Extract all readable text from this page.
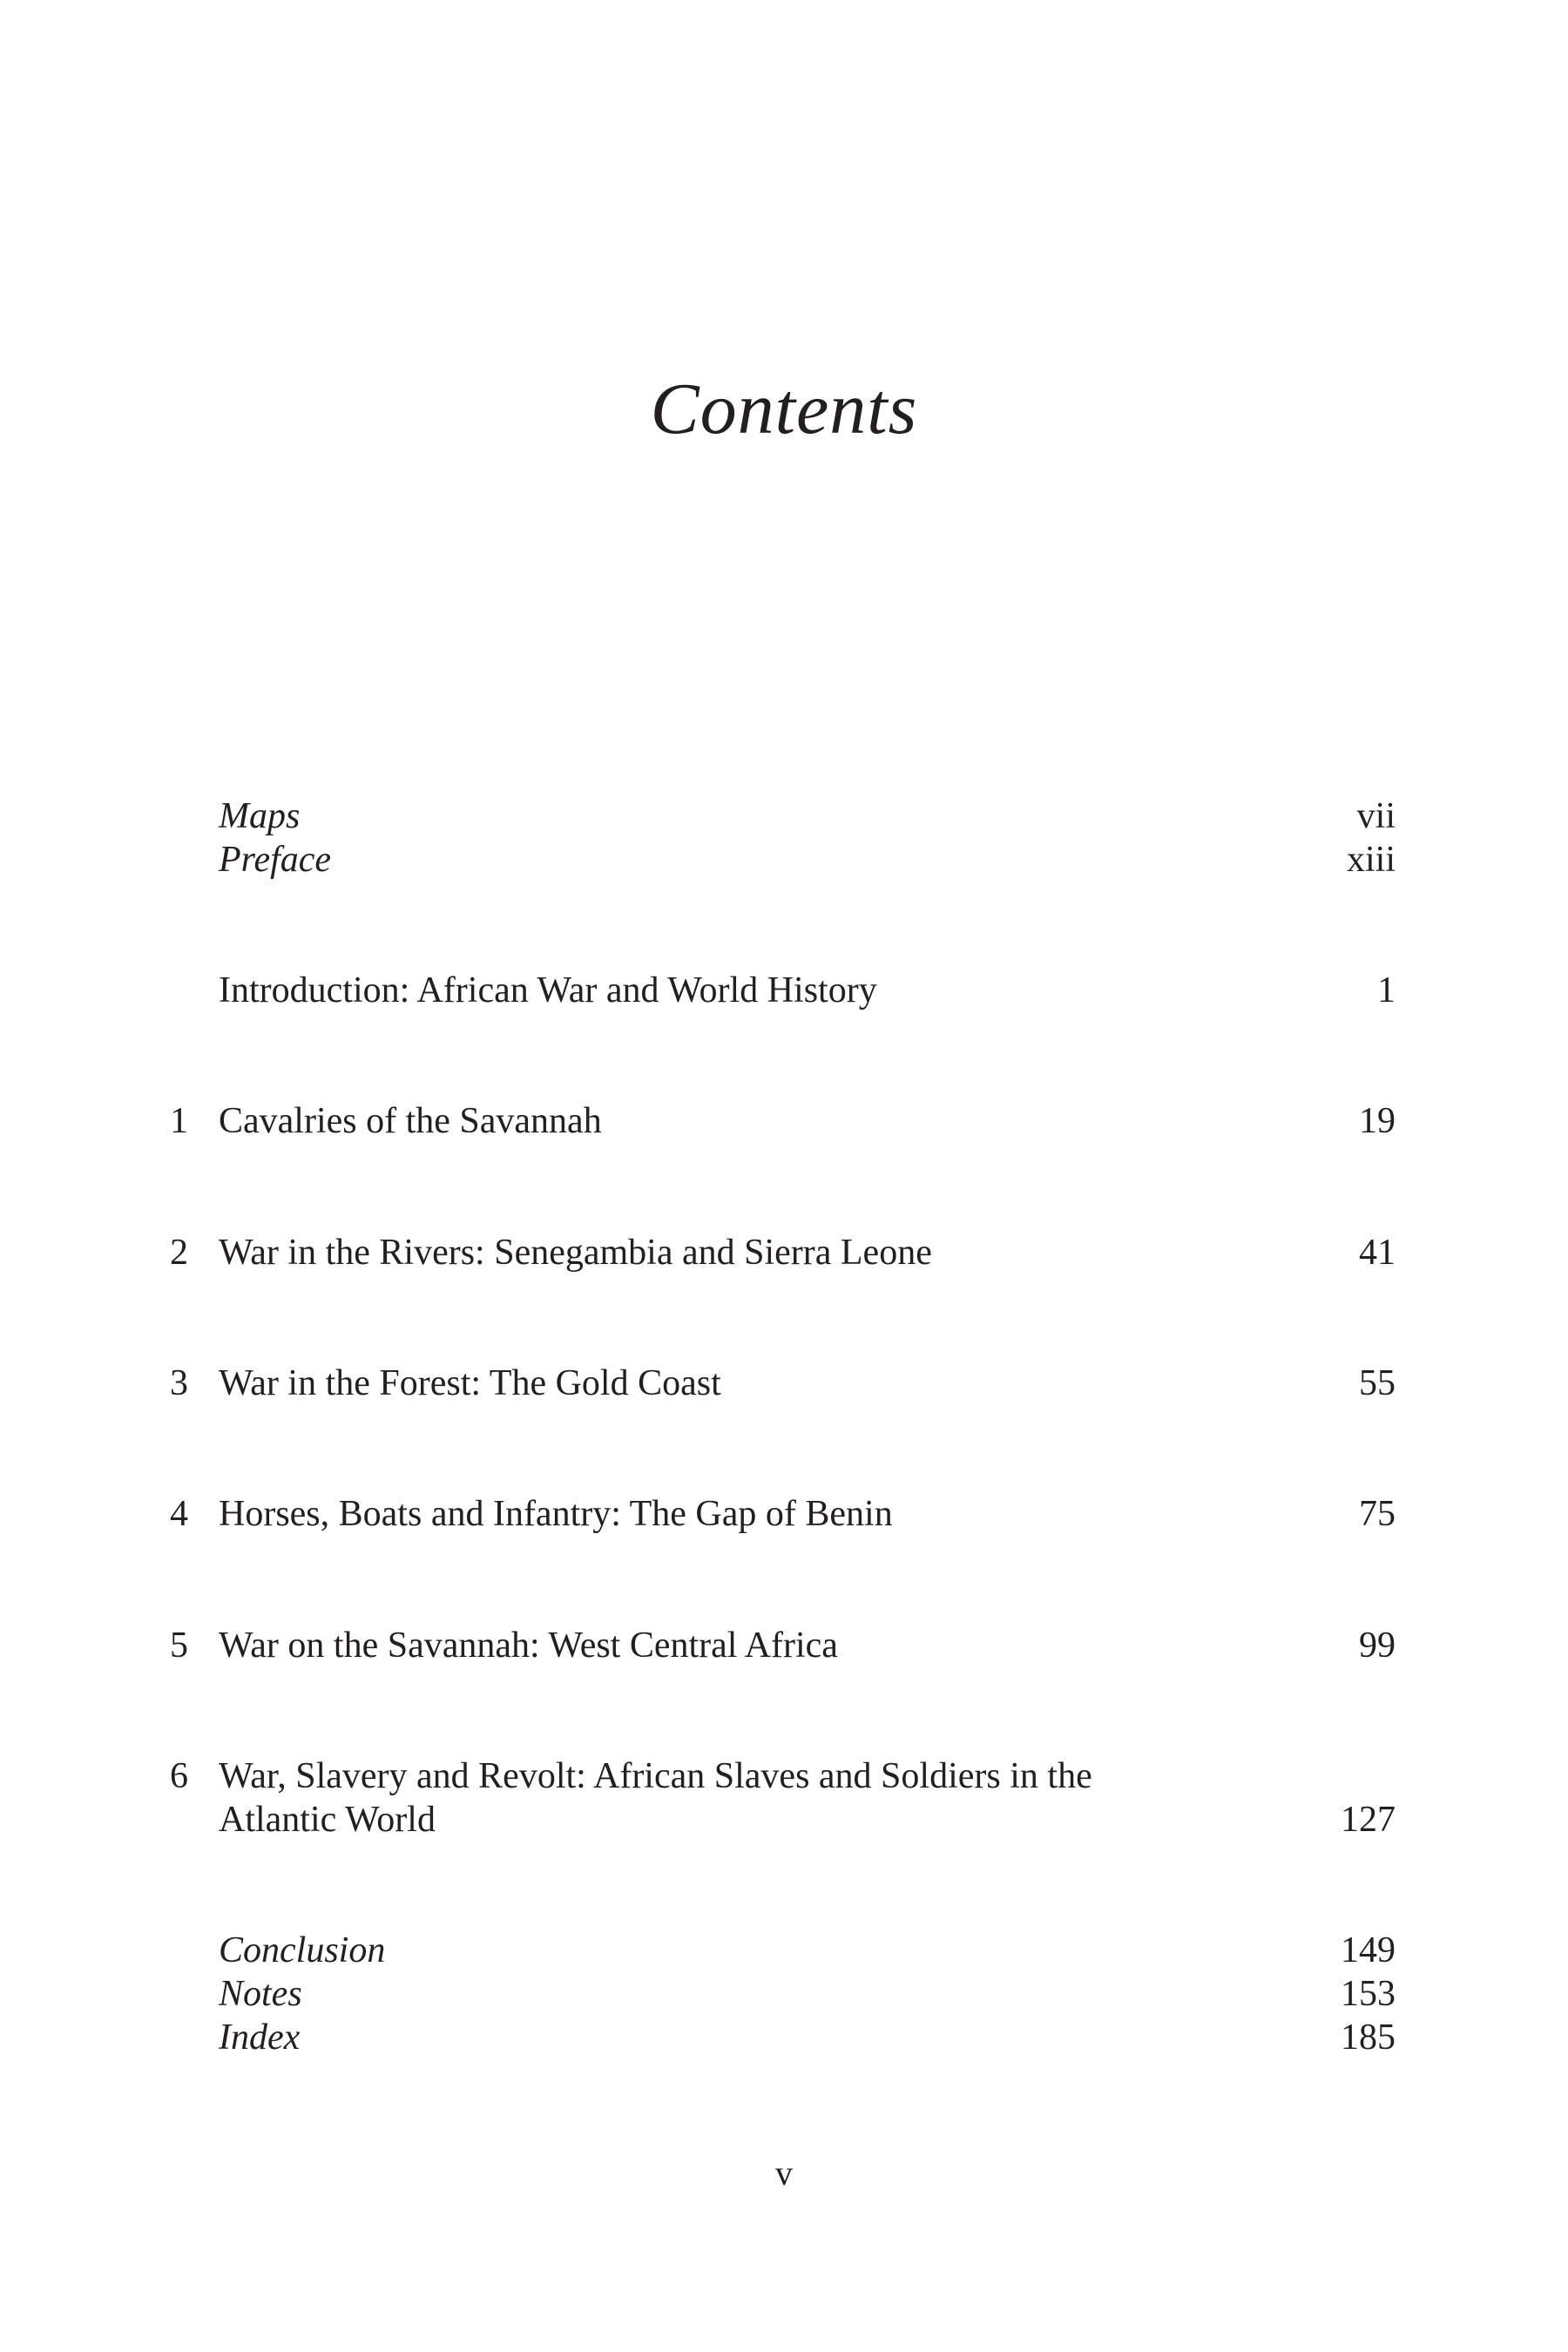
Contents
Maps	vii
Preface	xiii
Introduction: African War and World History	1
1 Cavalries of the Savannah	19
2 War in the Rivers: Senegambia and Sierra Leone	41
3 War in the Forest: The Gold Coast	55
4 Horses, Boats and Infantry: The Gap of Benin	75
5 War on the Savannah: West Central Africa	99
6 War, Slavery and Revolt: African Slaves and Soldiers in the
Atlantic World	127
Conclusion	149
Notes	153
Index	185
v
